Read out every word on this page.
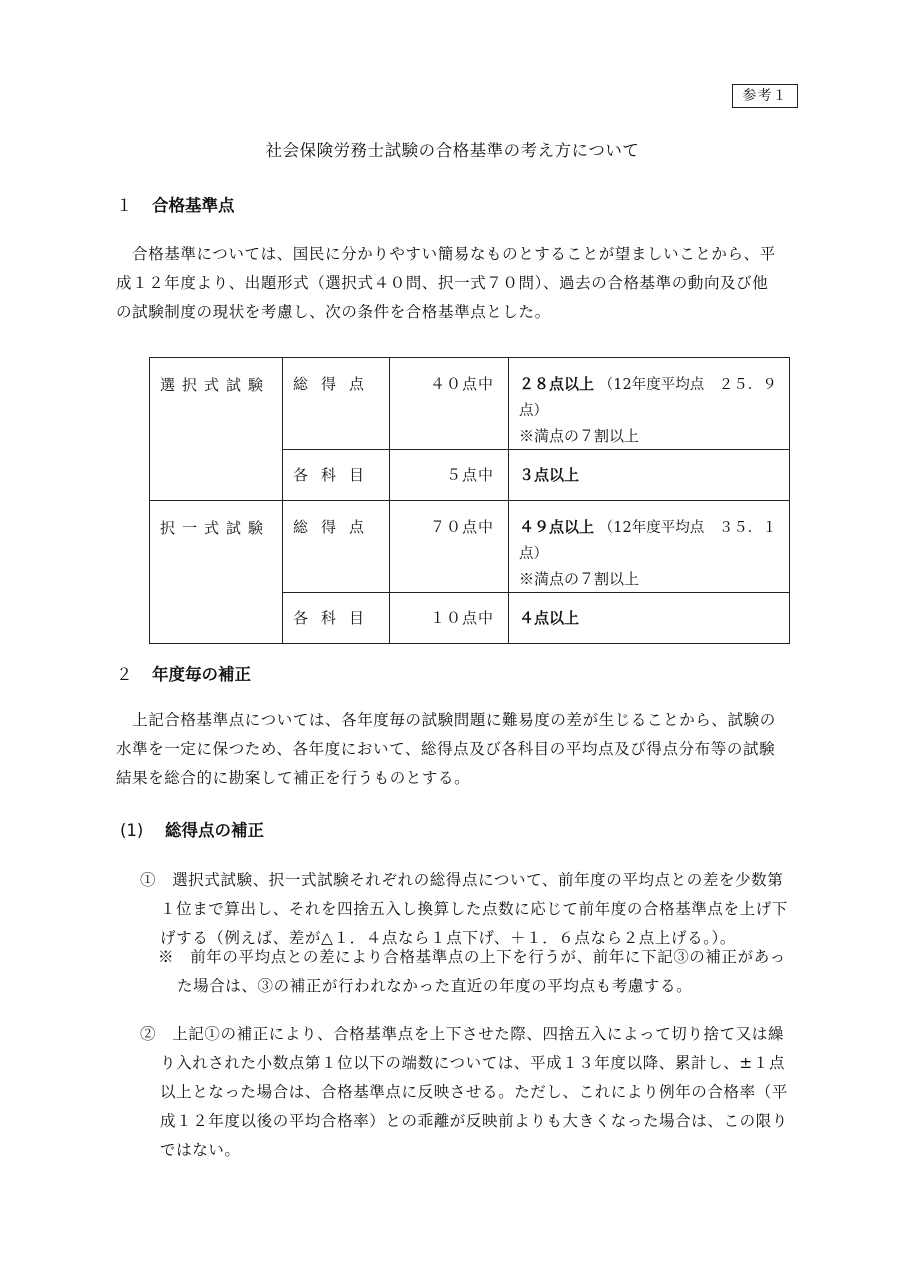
参考１
社会保険労務士試験の合格基準の考え方について
１ 合格基準点

　合格基準については、国民に分かりやすい簡易なものとすることが望ましいことから、平

成１２年度より、出題形式（選択式４０問、択一式７０問）、過去の合格基準の動向及び他

の試験制度の現状を考慮し、次の条件を合格基準点とした。

選択式試験	総得点	４０点中	２８点以上 （12年度平均点　２５．９点）
※満点の７割以上

	各科目	５点中	３点以上

択一式試験	総得点	７０点中	４９点以上 （12年度平均点　３５．１点）
※満点の７割以上

	各科目	１０点中	４点以上
２ 年度毎の補正

　上記合格基準点については、各年度毎の試験問題に難易度の差が生じることから、試験の

水準を一定に保つため、各年度において、総得点及び各科目の平均点及び得点分布等の試験

結果を総合的に勘案して補正を行うものとする。

(1) 総得点の補正

①　選択式試験、択一式試験それぞれの総得点について、前年度の平均点との差を少数第

１位まで算出し、それを四捨五入し換算した点数に応じて前年度の合格基準点を上げ下

げする（例えば、差が△１．４点なら１点下げ、＋１．６点なら２点上げる。）。

※　前年の平均点との差により合格基準点の上下を行うが、前年に下記③の補正があっ

た場合は、③の補正が行われなかった直近の年度の平均点も考慮する。

②　上記①の補正により、合格基準点を上下させた際、四捨五入によって切り捨て又は繰

り入れされた小数点第１位以下の端数については、平成１３年度以降、累計し、±１点

以上となった場合は、合格基準点に反映させる。ただし、これにより例年の合格率（平

成１２年度以後の平均合格率）との乖離が反映前よりも大きくなった場合は、この限り

ではない。
